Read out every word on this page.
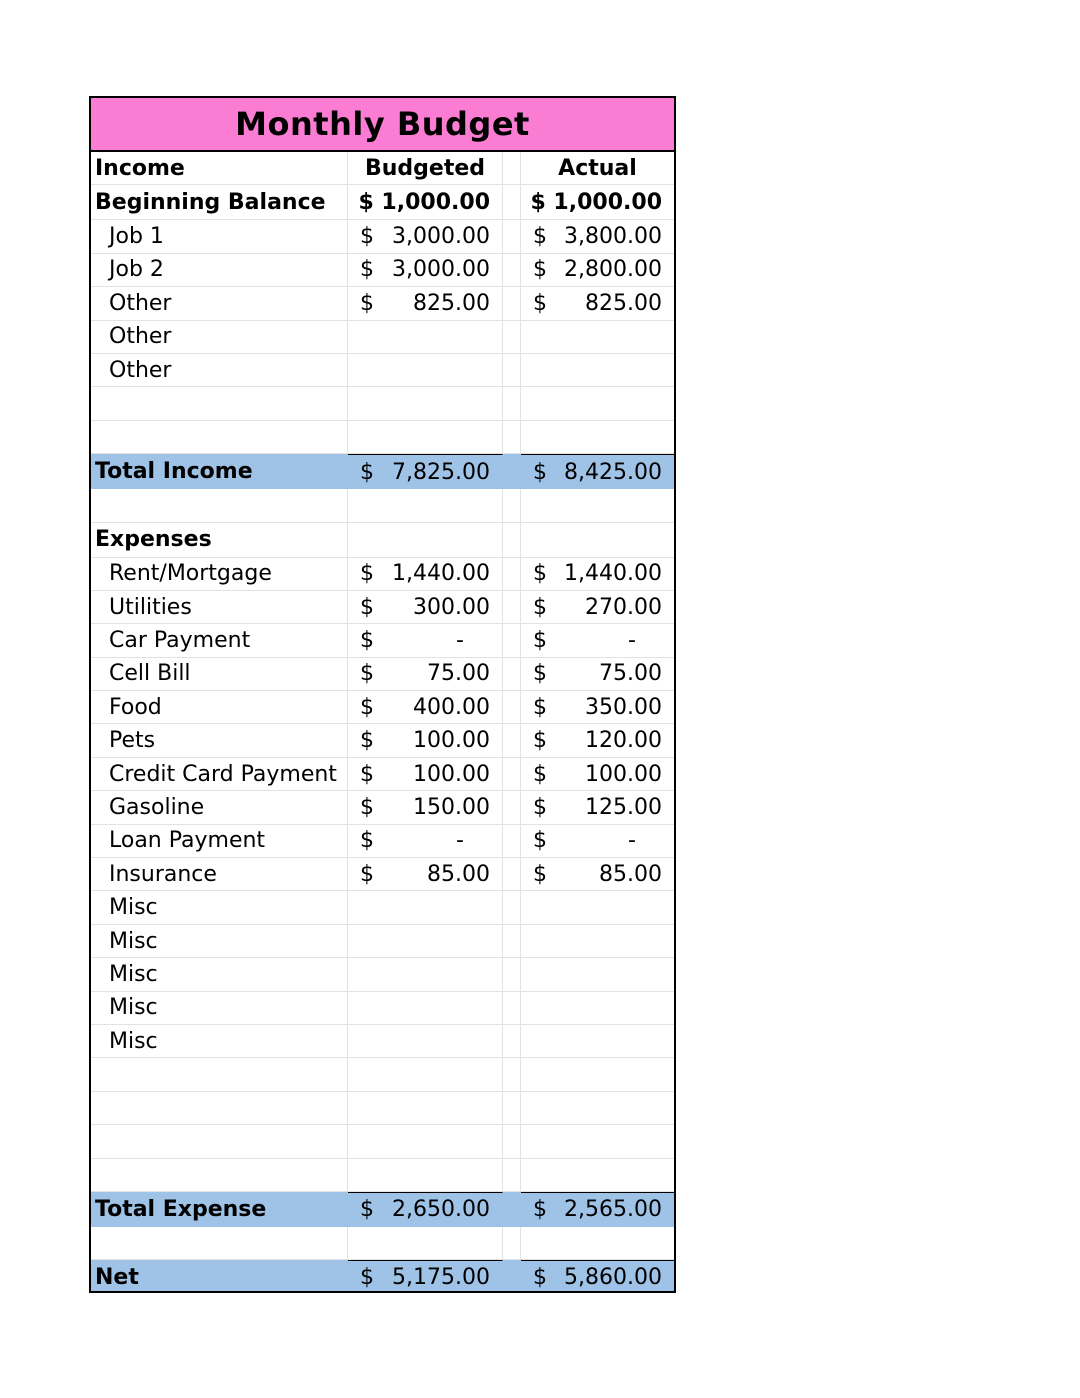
Monthly Budget
Income	Budgeted	Actual
Beginning Balance	$ 1,000.00	$ 1,000.00
Job 1	$ 3,000.00 $ 3,800.00
Job 2	$ 3,000.00 $ 2,800.00
Other	$ 825.00 $ 825.00
Other
Other
Total Income	$ 7,825.00 $ 8,425.00
Expenses
Rent/Mortgage	$ 1,440.00 $ 1,440.00
Utilities	$ 300.00 $ 270.00
Car Payment	$	-	$	-
Cell Bill	$ 75.00 $ 75.00
Food	$ 400.00 $ 350.00
Pets	$ 100.00 $ 120.00
Credit Card Payment	$ 100.00 $ 100.00
Gasoline	$ 150.00 $ 125.00
Loan Payment	$	-	$	-
Insurance	$ 85.00 $ 85.00
Misc
Misc
Misc
Misc
Misc
Total Expense	$ 2,650.00 $ 2,565.00
Net	$ 5,175.00 $ 5,860.00
